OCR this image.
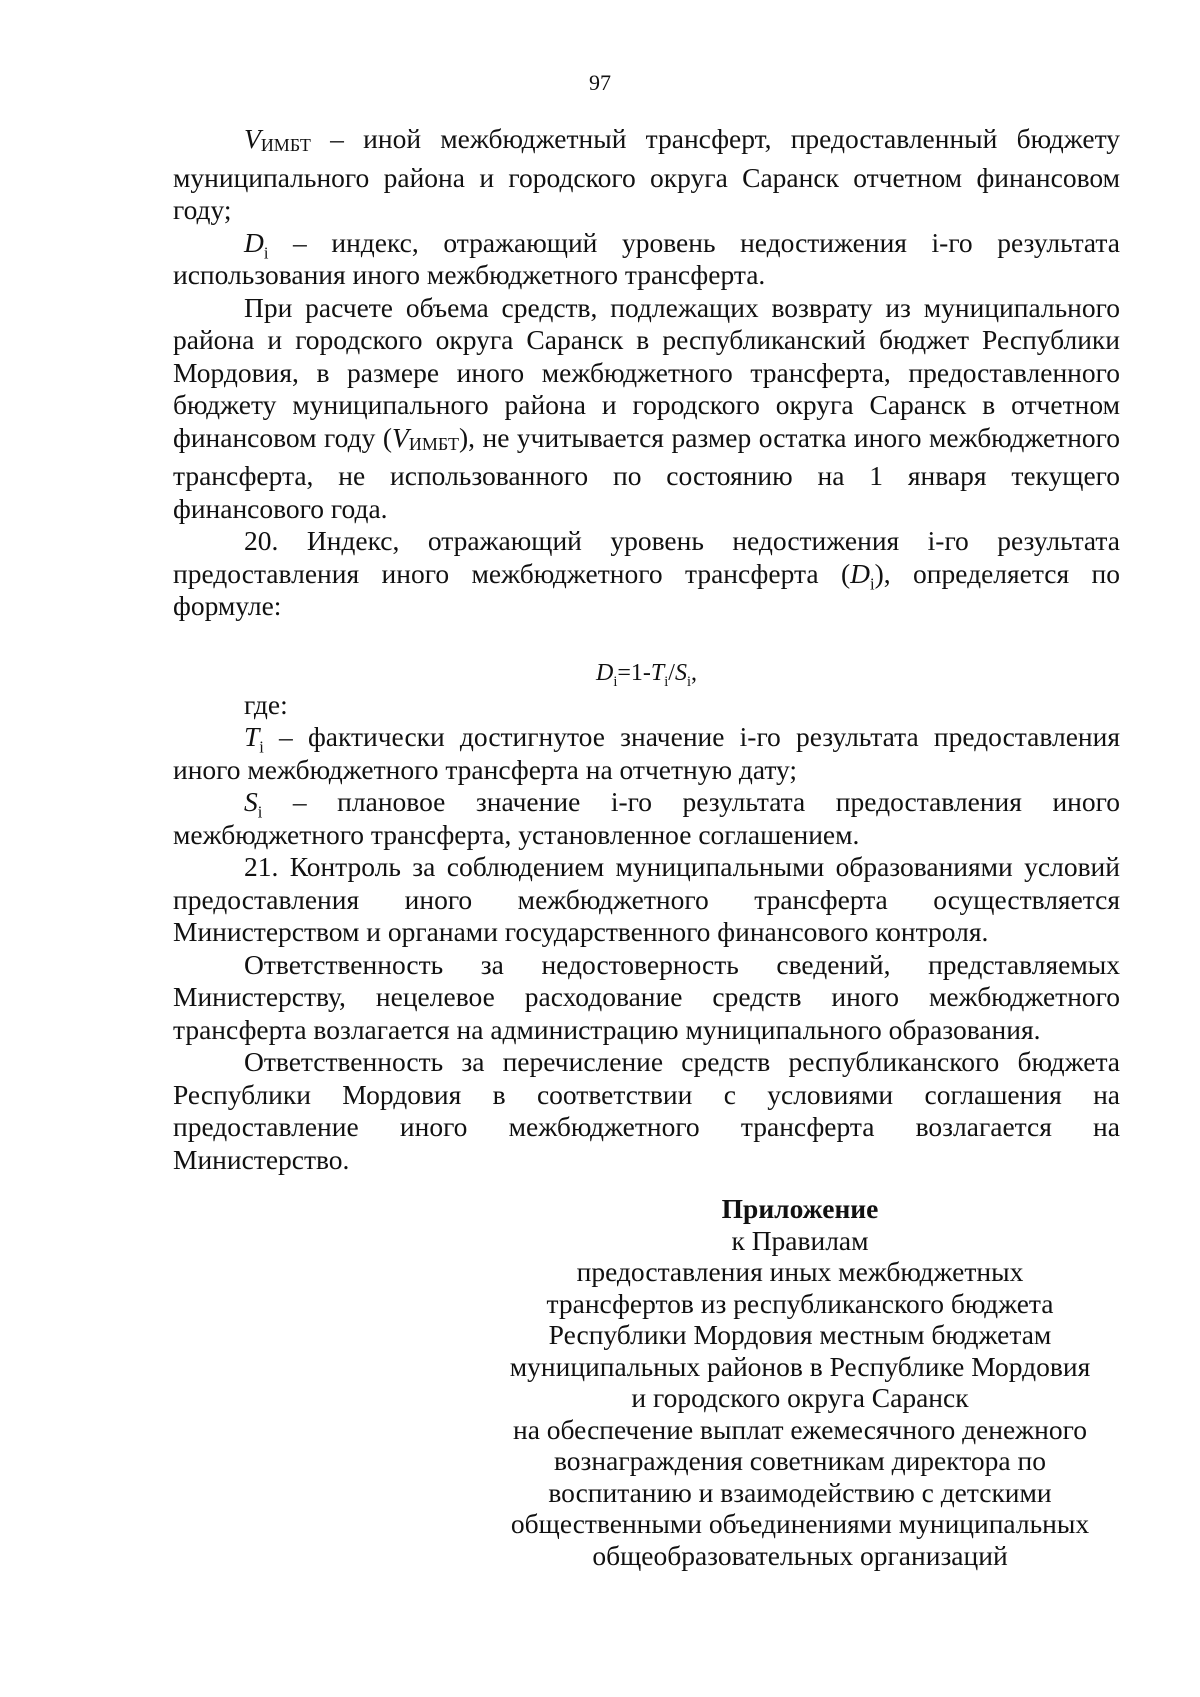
97

VИМБТ – иной межбюджетный трансферт, предоставленный бюджету муниципального района и городского округа Саранск отчетном финансовом году;

$D_i$ – индекс, отражающий уровень недостижения i-го результата использования иного межбюджетного трансферта.

При расчете объема средств, подлежащих возврату из муниципального района и городского округа Саранск в республиканский бюджет Республики Мордовия, в размере иного межбюджетного трансферта, предоставленного бюджету муниципального района и городского округа Саранск в отчетном финансовом году (VИМБТ), не учитывается размер остатка иного межбюджетного трансферта, не использованного по состоянию на 1 января текущего финансового года.

20. Индекс, отражающий уровень недостижения i-го результата предоставления иного межбюджетного трансферта $(D_i)$, определяется по формуле:

$D_i=1-T_i/S_i$,

где:

$T_i$ – фактически достигнутое значение i-го результата предоставления иного межбюджетного трансферта на отчетную дату;

$S_i$ – плановое значение i-го результата предоставления иного межбюджетного трансферта, установленное соглашением.

21. Контроль за соблюдением муниципальными образованиями условий предоставления иного межбюджетного трансферта осуществляется Министерством и органами государственного финансового контроля.

Ответственность за недостоверность сведений, представляемых Министерству, нецелевое расходование средств иного межбюджетного трансферта возлагается на администрацию муниципального образования.

Ответственность за перечисление средств республиканского бюджета Республики Мордовия в соответствии с условиями соглашения на предоставление иного межбюджетного трансферта возлагается на Министерство.

Приложение
к Правилам
предоставления иных межбюджетных
трансфертов из республиканского бюджета
Республики Мордовия местным бюджетам
муниципальных районов в Республике Мордовия
и городского округа Саранск
на обеспечение выплат ежемесячного денежного
вознаграждения советникам директора по
воспитанию и взаимодействию с детскими
общественными объединениями муниципальных
общеобразовательных организаций
